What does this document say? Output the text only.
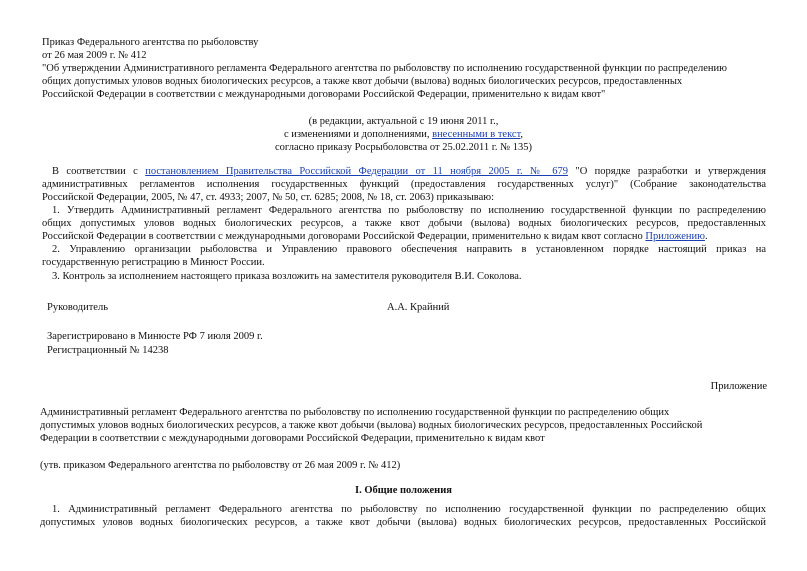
Приказ Федерального агентства по рыболовству
от 26 мая 2009 г. № 412
"Об утверждении Административного регламента Федерального агентства по рыболовству по исполнению государственной функции по распределению
общих допустимых уловов водных биологических ресурсов, а также квот добычи (вылова) водных биологических ресурсов, предоставленных
Российской Федерации в соответствии с международными договорами Российской Федерации, применительно к видам квот"
(в редакции, актуальной с 19 июня 2011 г.,
с изменениями и дополнениями, внесенными в текст,
согласно приказу Росрыболовства от 25.02.2011 г. № 135)
В соответствии с постановлением Правительства Российской Федерации от 11 ноября 2005 г. № 679 "О порядке разработки и утверждения
административных регламентов исполнения государственных функций (предоставления государственных услуг)" (Собрание законодательства
Российской Федерации, 2005, № 47, ст. 4933; 2007, № 50, ст. 6285; 2008, № 18, ст. 2063) приказываю:
1. Утвердить Административный регламент Федерального агентства по рыболовству по исполнению государственной функции по распределению
общих допустимых уловов водных биологических ресурсов, а также квот добычи (вылова) водных биологических ресурсов, предоставленных
Российской Федерации в соответствии с международными договорами Российской Федерации, применительно к видам квот согласно Приложению.
2. Управлению организации рыболовства и Управлению правового обеспечения направить в установленном порядке настоящий приказ на
государственную регистрацию в Минюст России.
3. Контроль за исполнением настоящего приказа возложить на заместителя руководителя В.И. Соколова.
Руководитель	А.А. Крайний
Зарегистрировано в Минюсте РФ 7 июля 2009 г.
Регистрационный № 14238
Приложение
Административный регламент Федерального агентства по рыболовству по исполнению государственной функции по распределению общих
допустимых уловов водных биологических ресурсов, а также квот добычи (вылова) водных биологических ресурсов, предоставленных Российской
Федерации в соответствии с международными договорами Российской Федерации, применительно к видам квот
(утв. приказом Федерального агентства по рыболовству от 26 мая 2009 г. № 412)
I. Общие положения
1. Административный регламент Федерального агентства по рыболовству по исполнению государственной функции по распределению общих
допустимых уловов водных биологических ресурсов, а также квот добычи (вылова) водных биологических ресурсов, предоставленных Российской
